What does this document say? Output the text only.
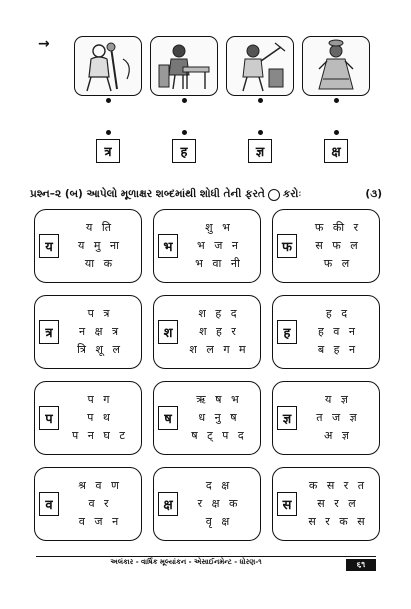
→
त्र	ह	ज्ञ	क्ष
પ્રશ્ન–૨ (બ) આપેલો મૂળાક્ષર શબ્દમાંથી શોધી તેની ફરતે કરોઃ	(૩)
य
य ति
य मु ना
या क
भ
शु भ
भ ज न
भ वा नी
फ
फ की र
स फ ल
फ ल
त्र
प त्र
न क्ष त्र
त्रि शू ल
श
श ह द
श ह र
श ल ग म
ह
ह द
ह व न
ब ह न
प
प ग
प थ
प न घ ट
ष
ऋ ष भ
ध नु ष
ष ट् प द
ज्ञ
य ज्ञ
त ज ज्ञ
अ ज्ञ
व
श्र व ण
व र
व ज न
क्ष
द क्ष
र क्ष क
वृ क्ष
स
क स र त
स र ल
स र क स
અલંકાર - વાર્ષિક મૂલ્યાંકન - એસાઈનમેન્ટ - ધોરણ-૧	૬૧
